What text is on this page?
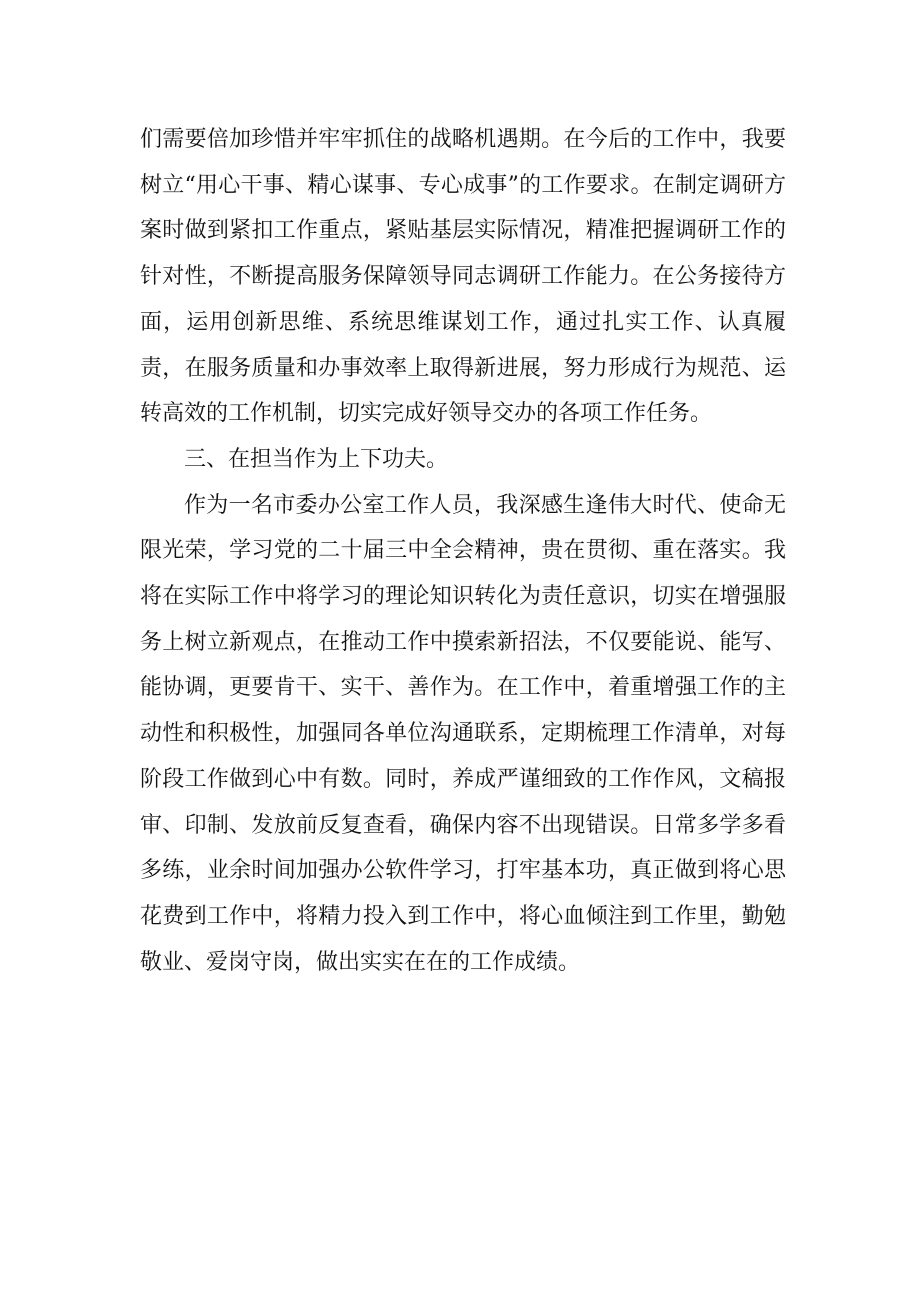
们需要倍加珍惜并牢牢抓住的战略机遇期。在今后的工作中，我要树立“用心干事、精心谋事、专心成事”的工作要求。在制定调研方案时做到紧扣工作重点，紧贴基层实际情况，精准把握调研工作的针对性，不断提高服务保障领导同志调研工作能力。在公务接待方面，运用创新思维、系统思维谋划工作，通过扎实工作、认真履责，在服务质量和办事效率上取得新进展，努力形成行为规范、运转高效的工作机制，切实完成好领导交办的各项工作任务。

三、在担当作为上下功夫。

作为一名市委办公室工作人员，我深感生逢伟大时代、使命无限光荣，学习党的二十届三中全会精神，贵在贯彻、重在落实。我将在实际工作中将学习的理论知识转化为责任意识，切实在增强服务上树立新观点，在推动工作中摸索新招法，不仅要能说、能写、能协调，更要肯干、实干、善作为。在工作中，着重增强工作的主动性和积极性，加强同各单位沟通联系，定期梳理工作清单，对每阶段工作做到心中有数。同时，养成严谨细致的工作作风，文稿报审、印制、发放前反复查看，确保内容不出现错误。日常多学多看多练，业余时间加强办公软件学习，打牢基本功，真正做到将心思花费到工作中，将精力投入到工作中，将心血倾注到工作里，勤勉敬业、爱岗守岗，做出实实在在的工作成绩。
